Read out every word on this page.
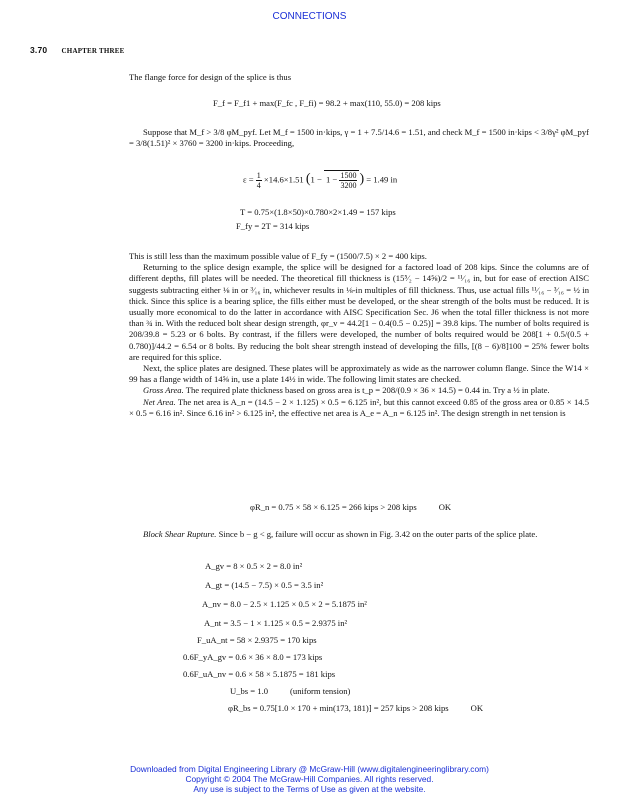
CONNECTIONS
3.70 CHAPTER THREE

The flange force for design of the splice is thus

F_f = F_f1 + max(F_fc , F_fi) = 98.2 + max(110, 55.0) = 208 kips

Suppose that M_f > 3/8 φM_pyf. Let M_f = 1500 in·kips, γ = 1 + 7.5/14.6 = 1.51, and check M_f = 1500 in·kips < 3/8γ² φM_pyf = 3/8(1.51)² × 3760 = 3200 in·kips. Proceeding,

$\varepsilon = \frac{1}{4} \times 14.6\times 1.51$ ($1 - 1 - \frac{1500}{3200}$ ) = 1.49 in
T = 0.75×(1.8×50)×0.780×2×1.49 = 157 kips
F_fy = 2T = 314 kips

This is still less than the maximum possible value of F_fy = (1500/7.5) × 2 = 400 kips.

Returning to the splice design example, the splice will be designed for a factored load of 208 kips. Since the columns are of different depths, fill plates will be needed. The theoretical fill thickness is (15⁵⁄₂ − 14⅝)/2 = ¹¹⁄₁₆ in, but for ease of erection AISC suggests subtracting either ⅛ in or ³⁄₁₆ in, whichever results in ⅛-in multiples of fill thickness. Thus, use actual fills ¹¹⁄₁₆ − ³⁄₁₆ = ½ in thick. Since this splice is a bearing splice, the fills either must be developed, or the shear strength of the bolts must be reduced. It is usually more economical to do the latter in accordance with AISC Specification Sec. J6 when the total filler thickness is not more than ¾ in. With the reduced bolt shear design strength, φr_v = 44.2[1 − 0.4(0.5 − 0.25)] = 39.8 kips. The number of bolts required is 208/39.8 = 5.23 or 6 bolts. By contrast, if the fillers were developed, the number of bolts required would be 208[1 + 0.5/(0.5 + 0.780)]/44.2 = 6.54 or 8 bolts. By reducing the bolt shear strength instead of developing the fills, [(8 − 6)/8]100 = 25% fewer bolts are required for this splice.

Next, the splice plates are designed. These plates will be approximately as wide as the narrower column flange. Since the W14 × 99 has a flange width of 14⅝ in, use a plate 14½ in wide. The following limit states are checked.

Gross Area. The required plate thickness based on gross area is t_p = 208/(0.9 × 36 × 14.5) = 0.44 in. Try a ½ in plate.

Net Area. The net area is A_n = (14.5 − 2 × 1.125) × 0.5 = 6.125 in², but this cannot exceed 0.85 of the gross area or 0.85 × 14.5 × 0.5 = 6.16 in². Since 6.16 in² > 6.125 in², the effective net area is A_e = A_n = 6.125 in². The design strength in net tension is

φR_n = 0.75 × 58 × 6.125 = 266 kips > 208 kips	OK

Block Shear Rupture. Since b − g < g, failure will occur as shown in Fig. 3.42 on the outer parts of the splice plate.

A_gv = 8 × 0.5 × 2 = 8.0 in²
A_gt = (14.5 − 7.5) × 0.5 = 3.5 in²
A_nv = 8.0 − 2.5 × 1.125 × 0.5 × 2 = 5.1875 in²
A_nt = 3.5 − 1 × 1.125 × 0.5 = 2.9375 in²
F_uA_nt = 58 × 2.9375 = 170 kips
0.6F_yA_gv = 0.6 × 36 × 8.0 = 173 kips
0.6F_uA_nv = 0.6 × 58 × 5.1875 = 181 kips
U_bs = 1.0	(uniform tension)
φR_bs = 0.75[1.0 × 170 + min(173, 181)] = 257 kips > 208 kips	OK
Downloaded from Digital Engineering Library @ McGraw-Hill (www.digitalengineeringlibrary.com)
Copyright © 2004 The McGraw-Hill Companies. All rights reserved.
Any use is subject to the Terms of Use as given at the website.
